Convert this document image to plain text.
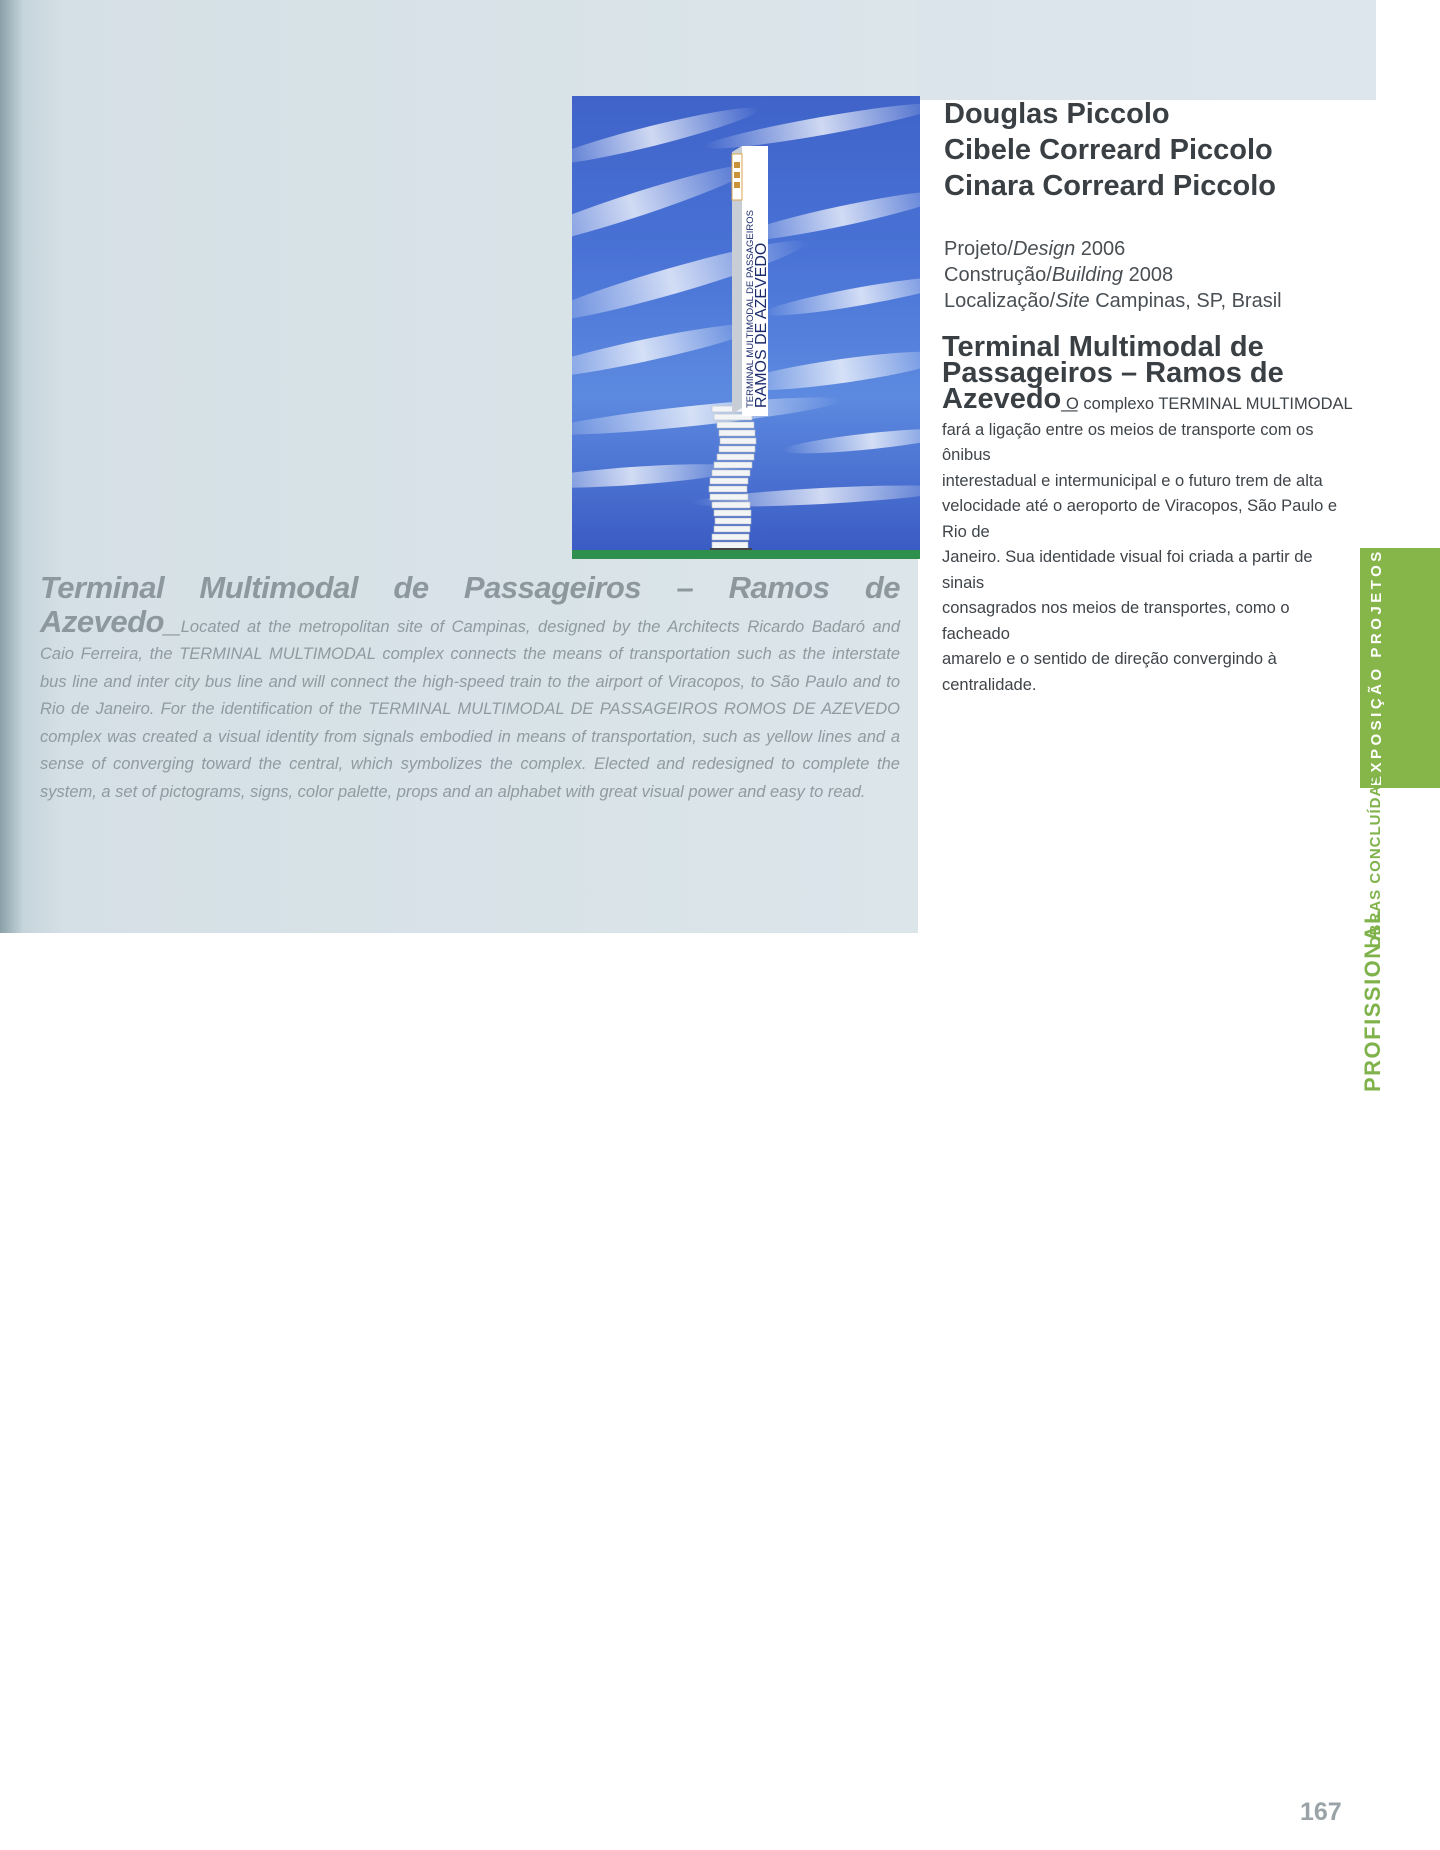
TERMINAL MULTIMODAL DE PASSAGEIROS
RAMOS DE AZEVEDO
Terminal Multimodal de Passageiros – Ramos de Azevedo_Located at the metropolitan site of Campinas, designed by the Architects Ricardo Badaró and Caio Ferreira, the TERMINAL MULTIMODAL complex connects the means of transportation such as the interstate bus line and inter city bus line and will connect the high-speed train to the airport of Viracopos, to São Paulo and to Rio de Janeiro. For the identification of the TERMINAL MULTIMODAL DE PASSAGEIROS ROMOS DE AZEVEDO complex was created a visual identity from signals embodied in means of transportation, such as yellow lines and a sense of converging toward the central, which symbolizes the complex. Elected and redesigned to complete the system, a set of pictograms, signs, color palette, props and an alphabet with great visual power and easy to read.
Douglas Piccolo
Cibele Correard Piccolo
Cinara Correard Piccolo
Projeto/Design 2006
Construção/Building 2008
Localização/Site Campinas, SP, Brasil
Terminal Multimodal de
Passageiros – Ramos de
Azevedo_
O complexo TERMINAL MULTIMODAL
fará a ligação entre os meios de transporte com os ônibus
interestadual e intermunicipal e o futuro trem de alta
velocidade até o aeroporto de Viracopos, São Paulo e Rio de
Janeiro. Sua identidade visual foi criada a partir de sinais
consagrados nos meios de transportes, como o facheado
amarelo e o sentido de direção convergindo à centralidade.	EXPOSIÇÃO PROJETOS
OBRAS CONCLUÍDAS
PROFISSIONAL
167
